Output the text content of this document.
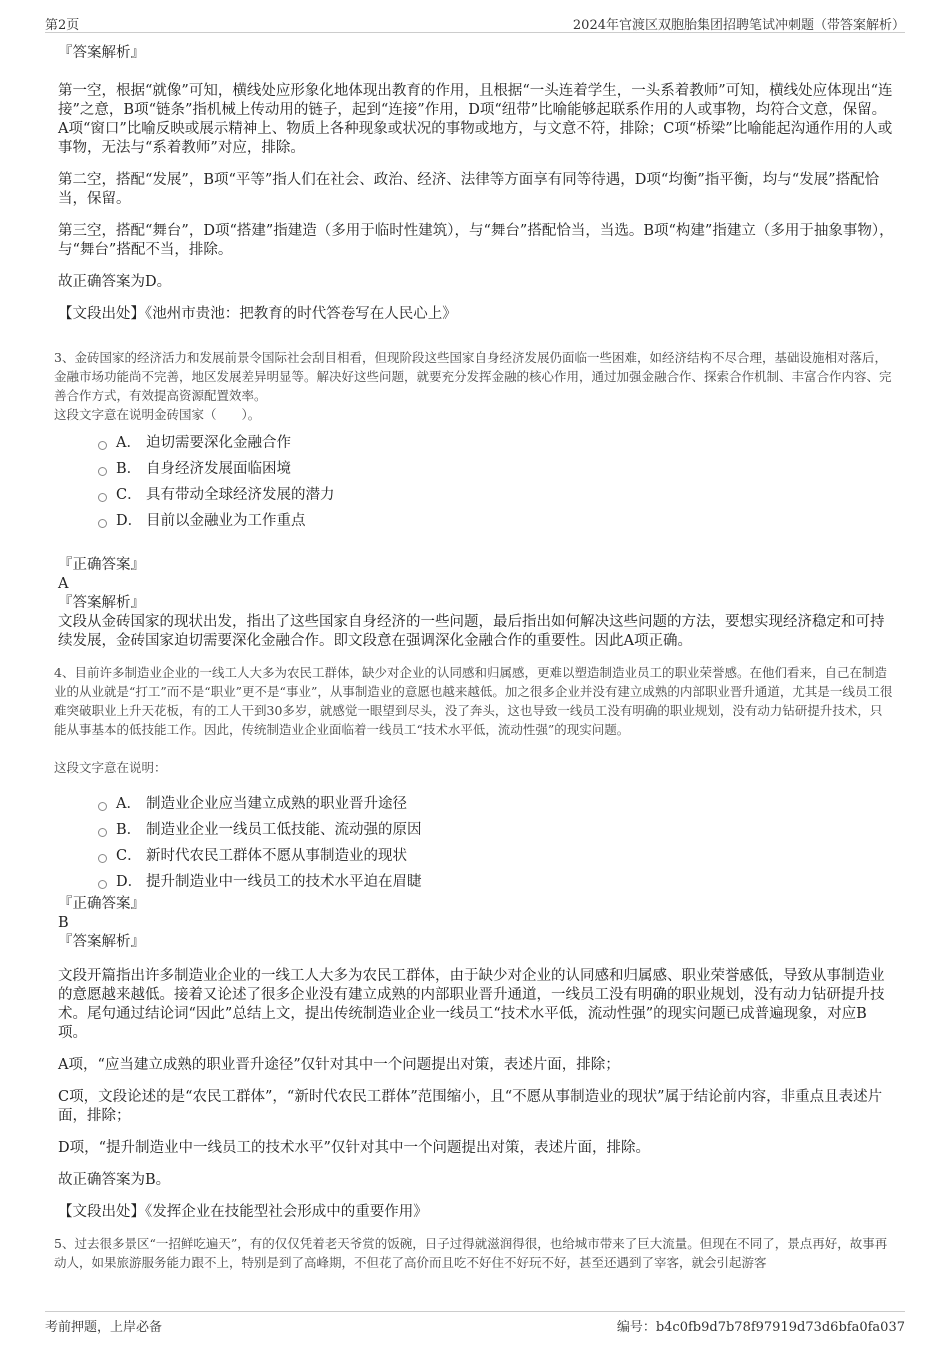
第2页	2024年官渡区双胞胎集团招聘笔试冲刺题（带答案解析）
『答案解析』
第一空，根据“就像”可知，横线处应形象化地体现出教育的作用，且根据“一头连着学生，一头系着教师”可知，横线处应体现出“连接”之意，B项“链条”指机械上传动用的链子，起到“连接”作用，D项“纽带”比喻能够起联系作用的人或事物，均符合文意，保留。A项“窗口”比喻反映或展示精神上、物质上各种现象或状况的事物或地方，与文意不符，排除；C项“桥梁”比喻能起沟通作用的人或事物，无法与“系着教师”对应，排除。
第二空，搭配“发展”，B项“平等”指人们在社会、政治、经济、法律等方面享有同等待遇，D项“均衡”指平衡，均与“发展”搭配恰当，保留。
第三空，搭配“舞台”，D项“搭建”指建造（多用于临时性建筑），与“舞台”搭配恰当，当选。B项“构建”指建立（多用于抽象事物），与“舞台”搭配不当，排除。
故正确答案为D。
【文段出处】《池州市贵池：把教育的时代答卷写在人民心上》
3、金砖国家的经济活力和发展前景令国际社会刮目相看，但现阶段这些国家自身经济发展仍面临一些困难，如经济结构不尽合理，基础设施相对落后，金融市场功能尚不完善，地区发展差异明显等。解决好这些问题，就要充分发挥金融的核心作用，通过加强金融合作、探索合作机制、丰富合作内容、完善合作方式，有效提高资源配置效率。
这段文字意在说明金砖国家（　　）。
A． 迫切需要深化金融合作
B． 自身经济发展面临困境
C． 具有带动全球经济发展的潜力
D． 目前以金融业为工作重点
『正确答案』
A
『答案解析』
文段从金砖国家的现状出发，指出了这些国家自身经济的一些问题，最后指出如何解决这些问题的方法，要想实现经济稳定和可持续发展，金砖国家迫切需要深化金融合作。即文段意在强调深化金融合作的重要性。因此A项正确。
4、目前许多制造业企业的一线工人大多为农民工群体，缺少对企业的认同感和归属感，更难以塑造制造业员工的职业荣誉感。在他们看来，自己在制造业的从业就是“打工”而不是“职业”更不是“事业”，从事制造业的意愿也越来越低。加之很多企业并没有建立成熟的内部职业晋升通道，尤其是一线员工很难突破职业上升天花板，有的工人干到30多岁，就感觉一眼望到尽头，没了奔头，这也导致一线员工没有明确的职业规划，没有动力钻研提升技术，只能从事基本的低技能工作。因此，传统制造业企业面临着一线员工“技术水平低，流动性强”的现实问题。
这段文字意在说明：
A． 制造业企业应当建立成熟的职业晋升途径
B． 制造业企业一线员工低技能、流动强的原因
C． 新时代农民工群体不愿从事制造业的现状
D． 提升制造业中一线员工的技术水平迫在眉睫
『正确答案』
B
『答案解析』
文段开篇指出许多制造业企业的一线工人大多为农民工群体，由于缺少对企业的认同感和归属感、职业荣誉感低，导致从事制造业的意愿越来越低。接着又论述了很多企业没有建立成熟的内部职业晋升通道，一线员工没有明确的职业规划，没有动力钻研提升技术。尾句通过结论词“因此”总结上文，提出传统制造业企业一线员工“技术水平低，流动性强”的现实问题已成普遍现象，对应B项。
A项，“应当建立成熟的职业晋升途径”仅针对其中一个问题提出对策，表述片面，排除；
C项，文段论述的是“农民工群体”，“新时代农民工群体”范围缩小，且“不愿从事制造业的现状”属于结论前内容，非重点且表述片面，排除；
D项，“提升制造业中一线员工的技术水平”仅针对其中一个问题提出对策，表述片面，排除。
故正确答案为B。
【文段出处】《发挥企业在技能型社会形成中的重要作用》
5、过去很多景区“一招鲜吃遍天”，有的仅仅凭着老天爷赏的饭碗，日子过得就滋润得很，也给城市带来了巨大流量。但现在不同了，景点再好，故事再动人，如果旅游服务能力跟不上，特别是到了高峰期，不但花了高价而且吃不好住不好玩不好，甚至还遇到了宰客，就会引起游客
考前押题，上岸必备	编号：b4c0fb9d7b78f97919d73d6bfa0fa037
